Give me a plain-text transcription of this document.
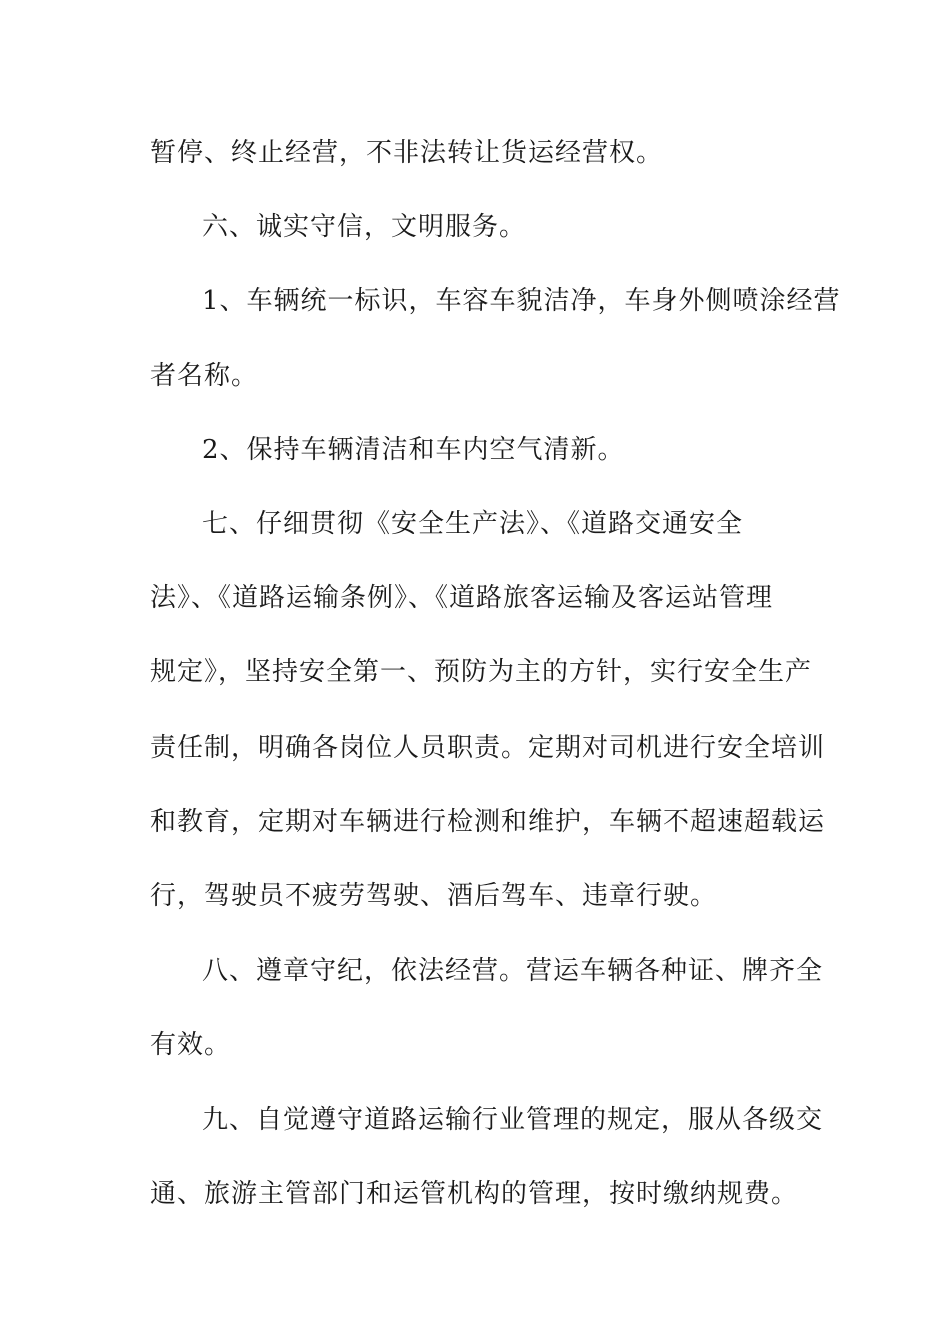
暂停、终止经营，不非法转让货运经营权。
六、诚实守信，文明服务。
1、车辆统一标识，车容车貌洁净，车身外侧喷涂经营
者名称。
2、保持车辆清洁和车内空气清新。
七、仔细贯彻《安全生产法》、《道路交通安全
法》、《道路运输条例》、《道路旅客运输及客运站管理
规定》，坚持安全第一、预防为主的方针，实行安全生产
责任制，明确各岗位人员职责。定期对司机进行安全培训
和教育，定期对车辆进行检测和维护，车辆不超速超载运
行，驾驶员不疲劳驾驶、酒后驾车、违章行驶。
八、遵章守纪，依法经营。营运车辆各种证、牌齐全
有效。
九、自觉遵守道路运输行业管理的规定，服从各级交
通、旅游主管部门和运管机构的管理，按时缴纳规费。
